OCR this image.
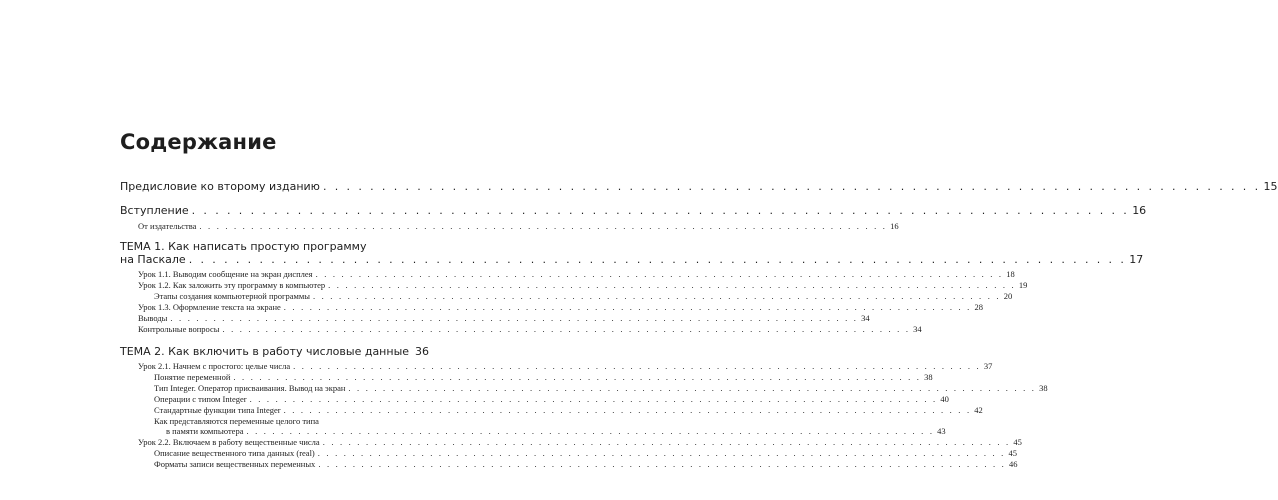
Содержание
Предисловие ко второму изданию . . . . . . . . . . . . . . . . . . . . . . . . . . . . . . . . . . . . . . . . . . . . . . . . . . . . . . . . . . . . . . . . . . . . . . . . . . . . . . . . 15
Вступление . . . . . . . . . . . . . . . . . . . . . . . . . . . . . . . . . . . . . . . . . . . . . . . . . . . . . . . . . . . . . . . . . . . . . . . . . . . . . . . . 16
От издательства . . . . . . . . . . . . . . . . . . . . . . . . . . . . . . . . . . . . . . . . . . . . . . . . . . . . . . . . . . . . . . . . . . . . . . . . . . . . . . . . 16
ТЕМА 1. Как написать простую программу
на Паскале . . . . . . . . . . . . . . . . . . . . . . . . . . . . . . . . . . . . . . . . . . . . . . . . . . . . . . . . . . . . . . . . . . . . . . . . . . . . . . . . 17
Урок 1.1. Выводим сообщение на экран дисплея . . . . . . . . . . . . . . . . . . . . . . . . . . . . . . . . . . . . . . . . . . . . . . . . . . . . . . . . . . . . . . . . . . . . . . . . . . . . . . . . 18
Урок 1.2. Как заложить эту программу в компьютер . . . . . . . . . . . . . . . . . . . . . . . . . . . . . . . . . . . . . . . . . . . . . . . . . . . . . . . . . . . . . . . . . . . . . . . . . . . . . . . . 19
Этапы создания компьютерной программы . . . . . . . . . . . . . . . . . . . . . . . . . . . . . . . . . . . . . . . . . . . . . . . . . . . . . . . . . . . . . . . . . . . . . . . . . . . . . . . . 20
Урок 1.3. Оформление текста на экране . . . . . . . . . . . . . . . . . . . . . . . . . . . . . . . . . . . . . . . . . . . . . . . . . . . . . . . . . . . . . . . . . . . . . . . . . . . . . . . . 28
Выводы . . . . . . . . . . . . . . . . . . . . . . . . . . . . . . . . . . . . . . . . . . . . . . . . . . . . . . . . . . . . . . . . . . . . . . . . . . . . . . . . 34
Контрольные вопросы . . . . . . . . . . . . . . . . . . . . . . . . . . . . . . . . . . . . . . . . . . . . . . . . . . . . . . . . . . . . . . . . . . . . . . . . . . . . . . . . 34
ТЕМА 2. Как включить в работу числовые данные 36
Урок 2.1. Начнем с простого: целые числа . . . . . . . . . . . . . . . . . . . . . . . . . . . . . . . . . . . . . . . . . . . . . . . . . . . . . . . . . . . . . . . . . . . . . . . . . . . . . . . . 37
Понятие переменной . . . . . . . . . . . . . . . . . . . . . . . . . . . . . . . . . . . . . . . . . . . . . . . . . . . . . . . . . . . . . . . . . . . . . . . . . . . . . . . . 38
Тип Integer. Оператор присваивания. Вывод на экран . . . . . . . . . . . . . . . . . . . . . . . . . . . . . . . . . . . . . . . . . . . . . . . . . . . . . . . . . . . . . . . . . . . . . . . . . . . . . . . . 38
Операции с типом Integer . . . . . . . . . . . . . . . . . . . . . . . . . . . . . . . . . . . . . . . . . . . . . . . . . . . . . . . . . . . . . . . . . . . . . . . . . . . . . . . . 40
Стандартные функции типа Integer . . . . . . . . . . . . . . . . . . . . . . . . . . . . . . . . . . . . . . . . . . . . . . . . . . . . . . . . . . . . . . . . . . . . . . . . . . . . . . . . 42
Как представляются переменные целого типа
в памяти компьютера . . . . . . . . . . . . . . . . . . . . . . . . . . . . . . . . . . . . . . . . . . . . . . . . . . . . . . . . . . . . . . . . . . . . . . . . . . . . . . . . 43
Урок 2.2. Включаем в работу вещественные числа . . . . . . . . . . . . . . . . . . . . . . . . . . . . . . . . . . . . . . . . . . . . . . . . . . . . . . . . . . . . . . . . . . . . . . . . . . . . . . . . 45
Описание вещественного типа данных (real) . . . . . . . . . . . . . . . . . . . . . . . . . . . . . . . . . . . . . . . . . . . . . . . . . . . . . . . . . . . . . . . . . . . . . . . . . . . . . . . . 45
Форматы записи вещественных переменных . . . . . . . . . . . . . . . . . . . . . . . . . . . . . . . . . . . . . . . . . . . . . . . . . . . . . . . . . . . . . . . . . . . . . . . . . . . . . . . . 46
